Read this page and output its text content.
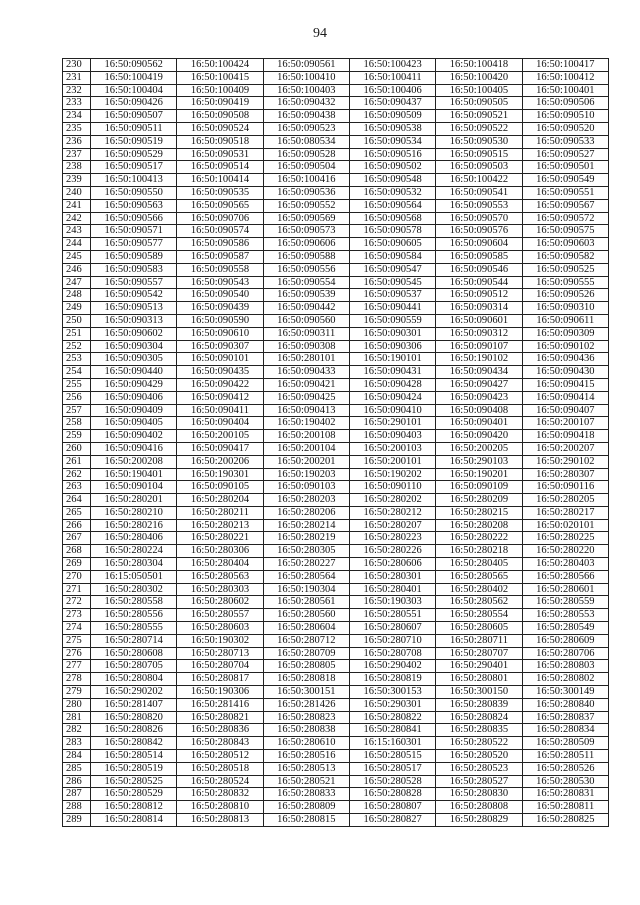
94
230	16:50:090562	16:50:100424	16:50:090561	16:50:100423	16:50:100418	16:50:100417
231	16:50:100419	16:50:100415	16:50:100410	16:50:100411	16:50:100420	16:50:100412
232	16:50:100404	16:50:100409	16:50:100403	16:50:100406	16:50:100405	16:50:100401
233	16:50:090426	16:50:090419	16:50:090432	16:50:090437	16:50:090505	16:50:090506
234	16:50:090507	16:50:090508	16:50:090438	16:50:090509	16:50:090521	16:50:090510
235	16:50:090511	16:50:090524	16:50:090523	16:50:090538	16:50:090522	16:50:090520
236	16:50:090519	16:50:090518	16:50:080534	16:50:090534	16:50:090530	16:50:090533
237	16:50:090529	16:50:090531	16:50:090528	16:50:090516	16:50:090515	16:50:090527
238	16:50:090517	16:50:090514	16:50:090504	16:50:090502	16:50:090503	16:50:090501
239	16:50:100413	16:50:100414	16:50:100416	16:50:090548	16:50:100422	16:50:090549
240	16:50:090550	16:50:090535	16:50:090536	16:50:090532	16:50:090541	16:50:090551
241	16:50:090563	16:50:090565	16:50:090552	16:50:090564	16:50:090553	16:50:090567
242	16:50:090566	16:50:090706	16:50:090569	16:50:090568	16:50:090570	16:50:090572
243	16:50:090571	16:50:090574	16:50:090573	16:50:090578	16:50:090576	16:50:090575
244	16:50:090577	16:50:090586	16:50:090606	16:50:090605	16:50:090604	16:50:090603
245	16:50:090589	16:50:090587	16:50:090588	16:50:090584	16:50:090585	16:50:090582
246	16:50:090583	16:50:090558	16:50:090556	16:50:090547	16:50:090546	16:50:090525
247	16:50:090557	16:50:090543	16:50:090554	16:50:090545	16:50:090544	16:50:090555
248	16:50:090542	16:50:090540	16:50:090539	16:50:090537	16:50:090512	16:50:090526
249	16:50:090513	16:50:090439	16:50:090442	16:50:090441	16:50:090314	16:50:090310
250	16:50:090313	16:50:090590	16:50:090560	16:50:090559	16:50:090601	16:50:090611
251	16:50:090602	16:50:090610	16:50:090311	16:50:090301	16:50:090312	16:50:090309
252	16:50:090304	16:50:090307	16:50:090308	16:50:090306	16:50:090107	16:50:090102
253	16:50:090305	16:50:090101	16:50:280101	16:50:190101	16:50:190102	16:50:090436
254	16:50:090440	16:50:090435	16:50:090433	16:50:090431	16:50:090434	16:50:090430
255	16:50:090429	16:50:090422	16:50:090421	16:50:090428	16:50:090427	16:50:090415
256	16:50:090406	16:50:090412	16:50:090425	16:50:090424	16:50:090423	16:50:090414
257	16:50:090409	16:50:090411	16:50:090413	16:50:090410	16:50:090408	16:50:090407
258	16:50:090405	16:50:090404	16:50:190402	16:50:290101	16:50:090401	16:50:200107
259	16:50:090402	16:50:200105	16:50:200108	16:50:090403	16:50:090420	16:50:090418
260	16:50:090416	16:50:090417	16:50:200104	16:50:200103	16:50:200205	16:50:200207
261	16:50:200208	16:50:200206	16:50:200201	16:50:200101	16:50:290103	16:50:290102
262	16:50:190401	16:50:190301	16:50:190203	16:50:190202	16:50:190201	16:50:280307
263	16:50:090104	16:50:090105	16:50:090103	16:50:090110	16:50:090109	16:50:090116
264	16:50:280201	16:50:280204	16:50:280203	16:50:280202	16:50:280209	16:50:280205
265	16:50:280210	16:50:280211	16:50:280206	16:50:280212	16:50:280215	16:50:280217
266	16:50:280216	16:50:280213	16:50:280214	16:50:280207	16:50:280208	16:50:020101
267	16:50:280406	16:50:280221	16:50:280219	16:50:280223	16:50:280222	16:50:280225
268	16:50:280224	16:50:280306	16:50:280305	16:50:280226	16:50:280218	16:50:280220
269	16:50:280304	16:50:280404	16:50:280227	16:50:280606	16:50:280405	16:50:280403
270	16:15:050501	16:50:280563	16:50:280564	16:50:280301	16:50:280565	16:50:280566
271	16:50:280302	16:50:280303	16:50:190304	16:50:280401	16:50:280402	16:50:280601
272	16:50:280558	16:50:280602	16:50:280561	16:50:190303	16:50:280562	16:50:280559
273	16:50:280556	16:50:280557	16:50:280560	16:50:280551	16:50:280554	16:50:280553
274	16:50:280555	16:50:280603	16:50:280604	16:50:280607	16:50:280605	16:50:280549
275	16:50:280714	16:50:190302	16:50:280712	16:50:280710	16:50:280711	16:50:280609
276	16:50:280608	16:50:280713	16:50:280709	16:50:280708	16:50:280707	16:50:280706
277	16:50:280705	16:50:280704	16:50:280805	16:50:290402	16:50:290401	16:50:280803
278	16:50:280804	16:50:280817	16:50:280818	16:50:280819	16:50:280801	16:50:280802
279	16:50:290202	16:50:190306	16:50:300151	16:50:300153	16:50:300150	16:50:300149
280	16:50:281407	16:50:281416	16:50:281426	16:50:290301	16:50:280839	16:50:280840
281	16:50:280820	16:50:280821	16:50:280823	16:50:280822	16:50:280824	16:50:280837
282	16:50:280826	16:50:280836	16:50:280838	16:50:280841	16:50:280835	16:50:280834
283	16:50:280842	16:50:280843	16:50:280610	16:15:160301	16:50:280522	16:50:280509
284	16:50:280514	16:50:280512	16:50:280516	16:50:280515	16:50:280520	16:50:280511
285	16:50:280519	16:50:280518	16:50:280513	16:50:280517	16:50:280523	16:50:280526
286	16:50:280525	16:50:280524	16:50:280521	16:50:280528	16:50:280527	16:50:280530
287	16:50:280529	16:50:280832	16:50:280833	16:50:280828	16:50:280830	16:50:280831
288	16:50:280812	16:50:280810	16:50:280809	16:50:280807	16:50:280808	16:50:280811
289	16:50:280814	16:50:280813	16:50:280815	16:50:280827	16:50:280829	16:50:280825
